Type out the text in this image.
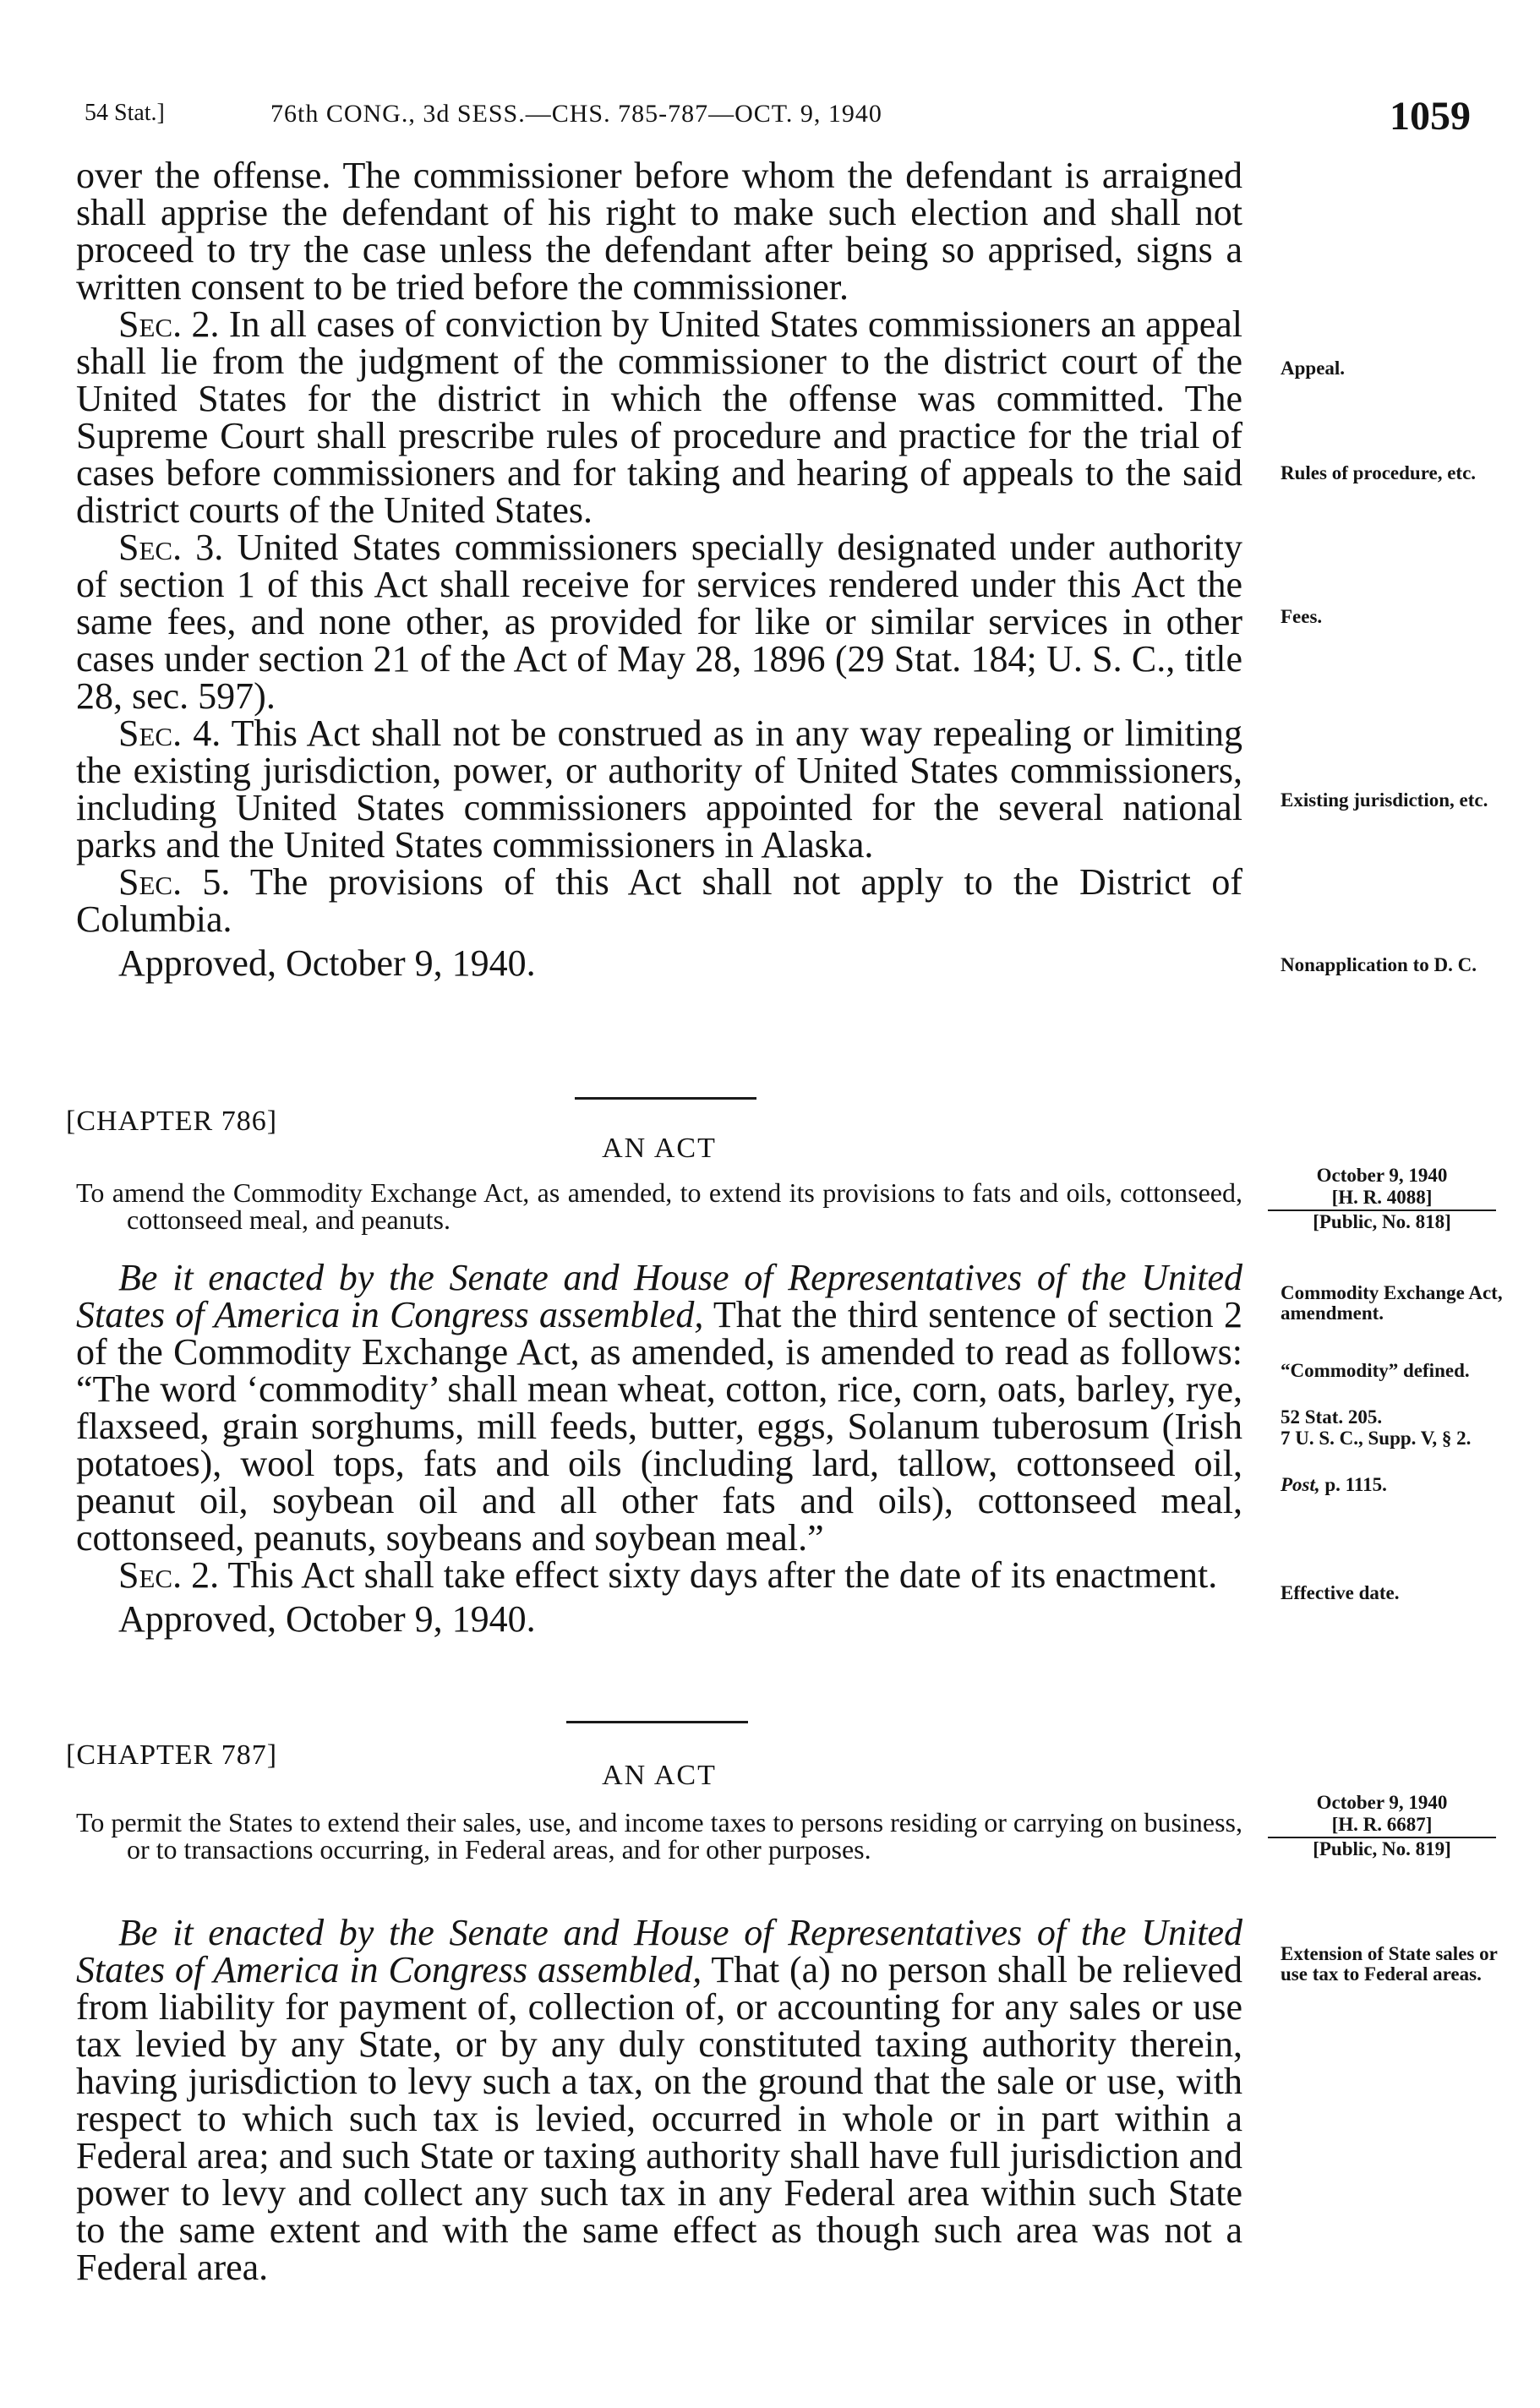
54 Stat.]	76th CONG., 3d SESS.—CHS. 785-787—OCT. 9, 1940	1059

over the offense. The commissioner before whom the defendant is arraigned shall apprise the defendant of his right to make such election and shall not proceed to try the case unless the defendant after being so apprised, signs a written consent to be tried before the commissioner.

Sec. 2. In all cases of conviction by United States commissioners an appeal shall lie from the judgment of the commissioner to the district court of the United States for the district in which the offense was committed. The Supreme Court shall prescribe rules of procedure and practice for the trial of cases before commissioners and for taking and hearing of appeals to the said district courts of the United States.

Sec. 3. United States commissioners specially designated under authority of section 1 of this Act shall receive for services rendered under this Act the same fees, and none other, as provided for like or similar services in other cases under section 21 of the Act of May 28, 1896 (29 Stat. 184; U. S. C., title 28, sec. 597).

Sec. 4. This Act shall not be construed as in any way repealing or limiting the existing jurisdiction, power, or authority of United States commissioners, including United States commissioners appointed for the several national parks and the United States commissioners in Alaska.

Sec. 5. The provisions of this Act shall not apply to the District of Columbia.

Approved, October 9, 1940.

Appeal.
Rules of procedure, etc.
Fees.
Existing jurisdiction, etc.
Nonapplication to D. C.
[CHAPTER 786]
AN ACT
To amend the Commodity Exchange Act, as amended, to extend its provisions to fats and oils, cottonseed, cottonseed meal, and peanuts.
October 9, 1940
[H. R. 4088]
[Public, No. 818]

Be it enacted by the Senate and House of Representatives of the United States of America in Congress assembled, That the third sentence of section 2 of the Commodity Exchange Act, as amended, is amended to read as follows: “The word ‘commodity’ shall mean wheat, cotton, rice, corn, oats, barley, rye, flaxseed, grain sorghums, mill feeds, butter, eggs, Solanum tuberosum (Irish potatoes), wool tops, fats and oils (including lard, tallow, cottonseed oil, peanut oil, soybean oil and all other fats and oils), cottonseed meal, cottonseed, peanuts, soybeans and soybean meal.”

Sec. 2. This Act shall take effect sixty days after the date of its enactment.

Approved, October 9, 1940.

Commodity Exchange Act, amendment.
“Commodity” defined.
52 Stat. 205.
7 U. S. C., Supp. V, § 2.
Post, p. 1115.
Effective date.
[CHAPTER 787]
AN ACT
To permit the States to extend their sales, use, and income taxes to persons residing or carrying on business, or to transactions occurring, in Federal areas, and for other purposes.
October 9, 1940
[H. R. 6687]
[Public, No. 819]

Be it enacted by the Senate and House of Representatives of the United States of America in Congress assembled, That (a) no person shall be relieved from liability for payment of, collection of, or accounting for any sales or use tax levied by any State, or by any duly constituted taxing authority therein, having jurisdiction to levy such a tax, on the ground that the sale or use, with respect to which such tax is levied, occurred in whole or in part within a Federal area; and such State or taxing authority shall have full jurisdiction and power to levy and collect any such tax in any Federal area within such State to the same extent and with the same effect as though such area was not a Federal area.

Extension of State sales or use tax to Federal areas.
